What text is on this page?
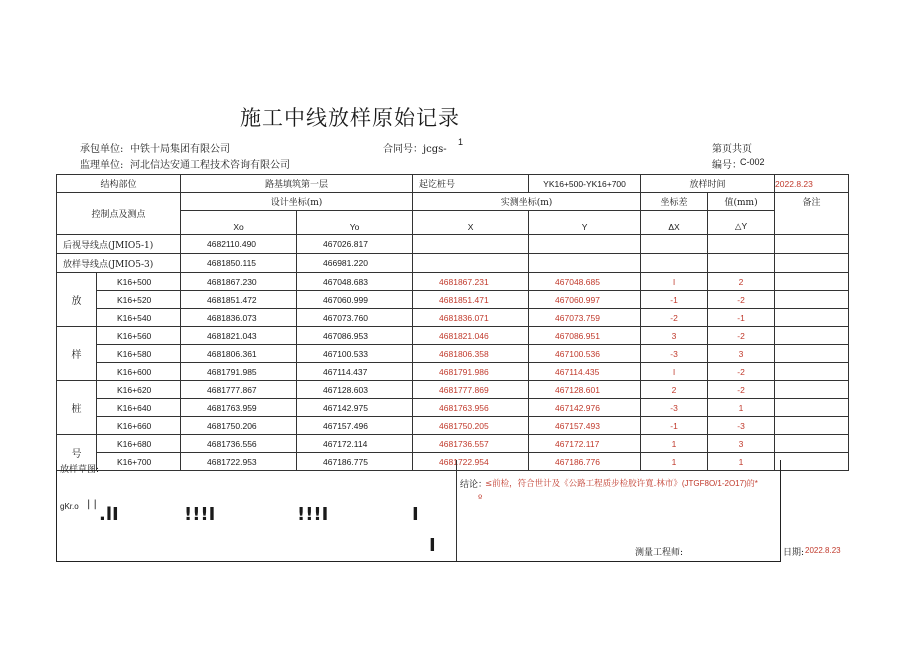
施工中线放样原始记录
承包单位: 中铁十局集团有限公司	合同号：jcgs-
1
第页共页
监理单位: 河北信达安通工程技术咨询有限公司	编号：
C-002
结构部位		路基填筑第一层		起讫桩号	YK16+500-YK16+700	放样时间		2022.8.23
控制点及测点		设计坐标(m)		实测坐标(m)		坐标差	值(mm)	备注
		Xo	Yo	X	Y	ΔX	△Y	
后视导线点(JMIO5-1)		4682110.490	467026.817					
放样导线点(JMIO5-3)		4681850.115	466981.220					
放	K16+500	4681867.230	467048.683	4681867.231	467048.685	l	2	
	K16+520	4681851.472	467060.999	4681851.471	467060.997	-1	-2	
	K16+540	4681836.073	467073.760	4681836.071	467073.759	-2	-1	
样	K16+560	4681821.043	467086.953	4681821.046	467086.951	3	-2	
	K16+580	4681806.361	467100.533	4681806.358	467100.536	-3	3	
	K16+600	4681791.985	467114.437	4681791.986	467114.435	l	-2	
桩	K16+620	4681777.867	467128.603	4681777.869	467128.601	2	-2	
	K16+640	4681763.959	467142.975	4681763.956	467142.976	-3	1	
	K16+660	4681750.206	467157.496	4681750.205	467157.493	-1	-3	
号	K16+680	4681736.556	467172.114	4681736.557	467172.117	1	3	
	K16+700	4681722.953	467186.775	4681722.954	467186.776	1	1	
放样草图:
gKr.o | | .lI	!!!I	!!!I	I
I
结论：
≤前检，符合世计及《公路工程质步检胶许寬.林市》(JTGF8O/1-2O17)的*
º
测量工程师:	日期: 2022.8.23
